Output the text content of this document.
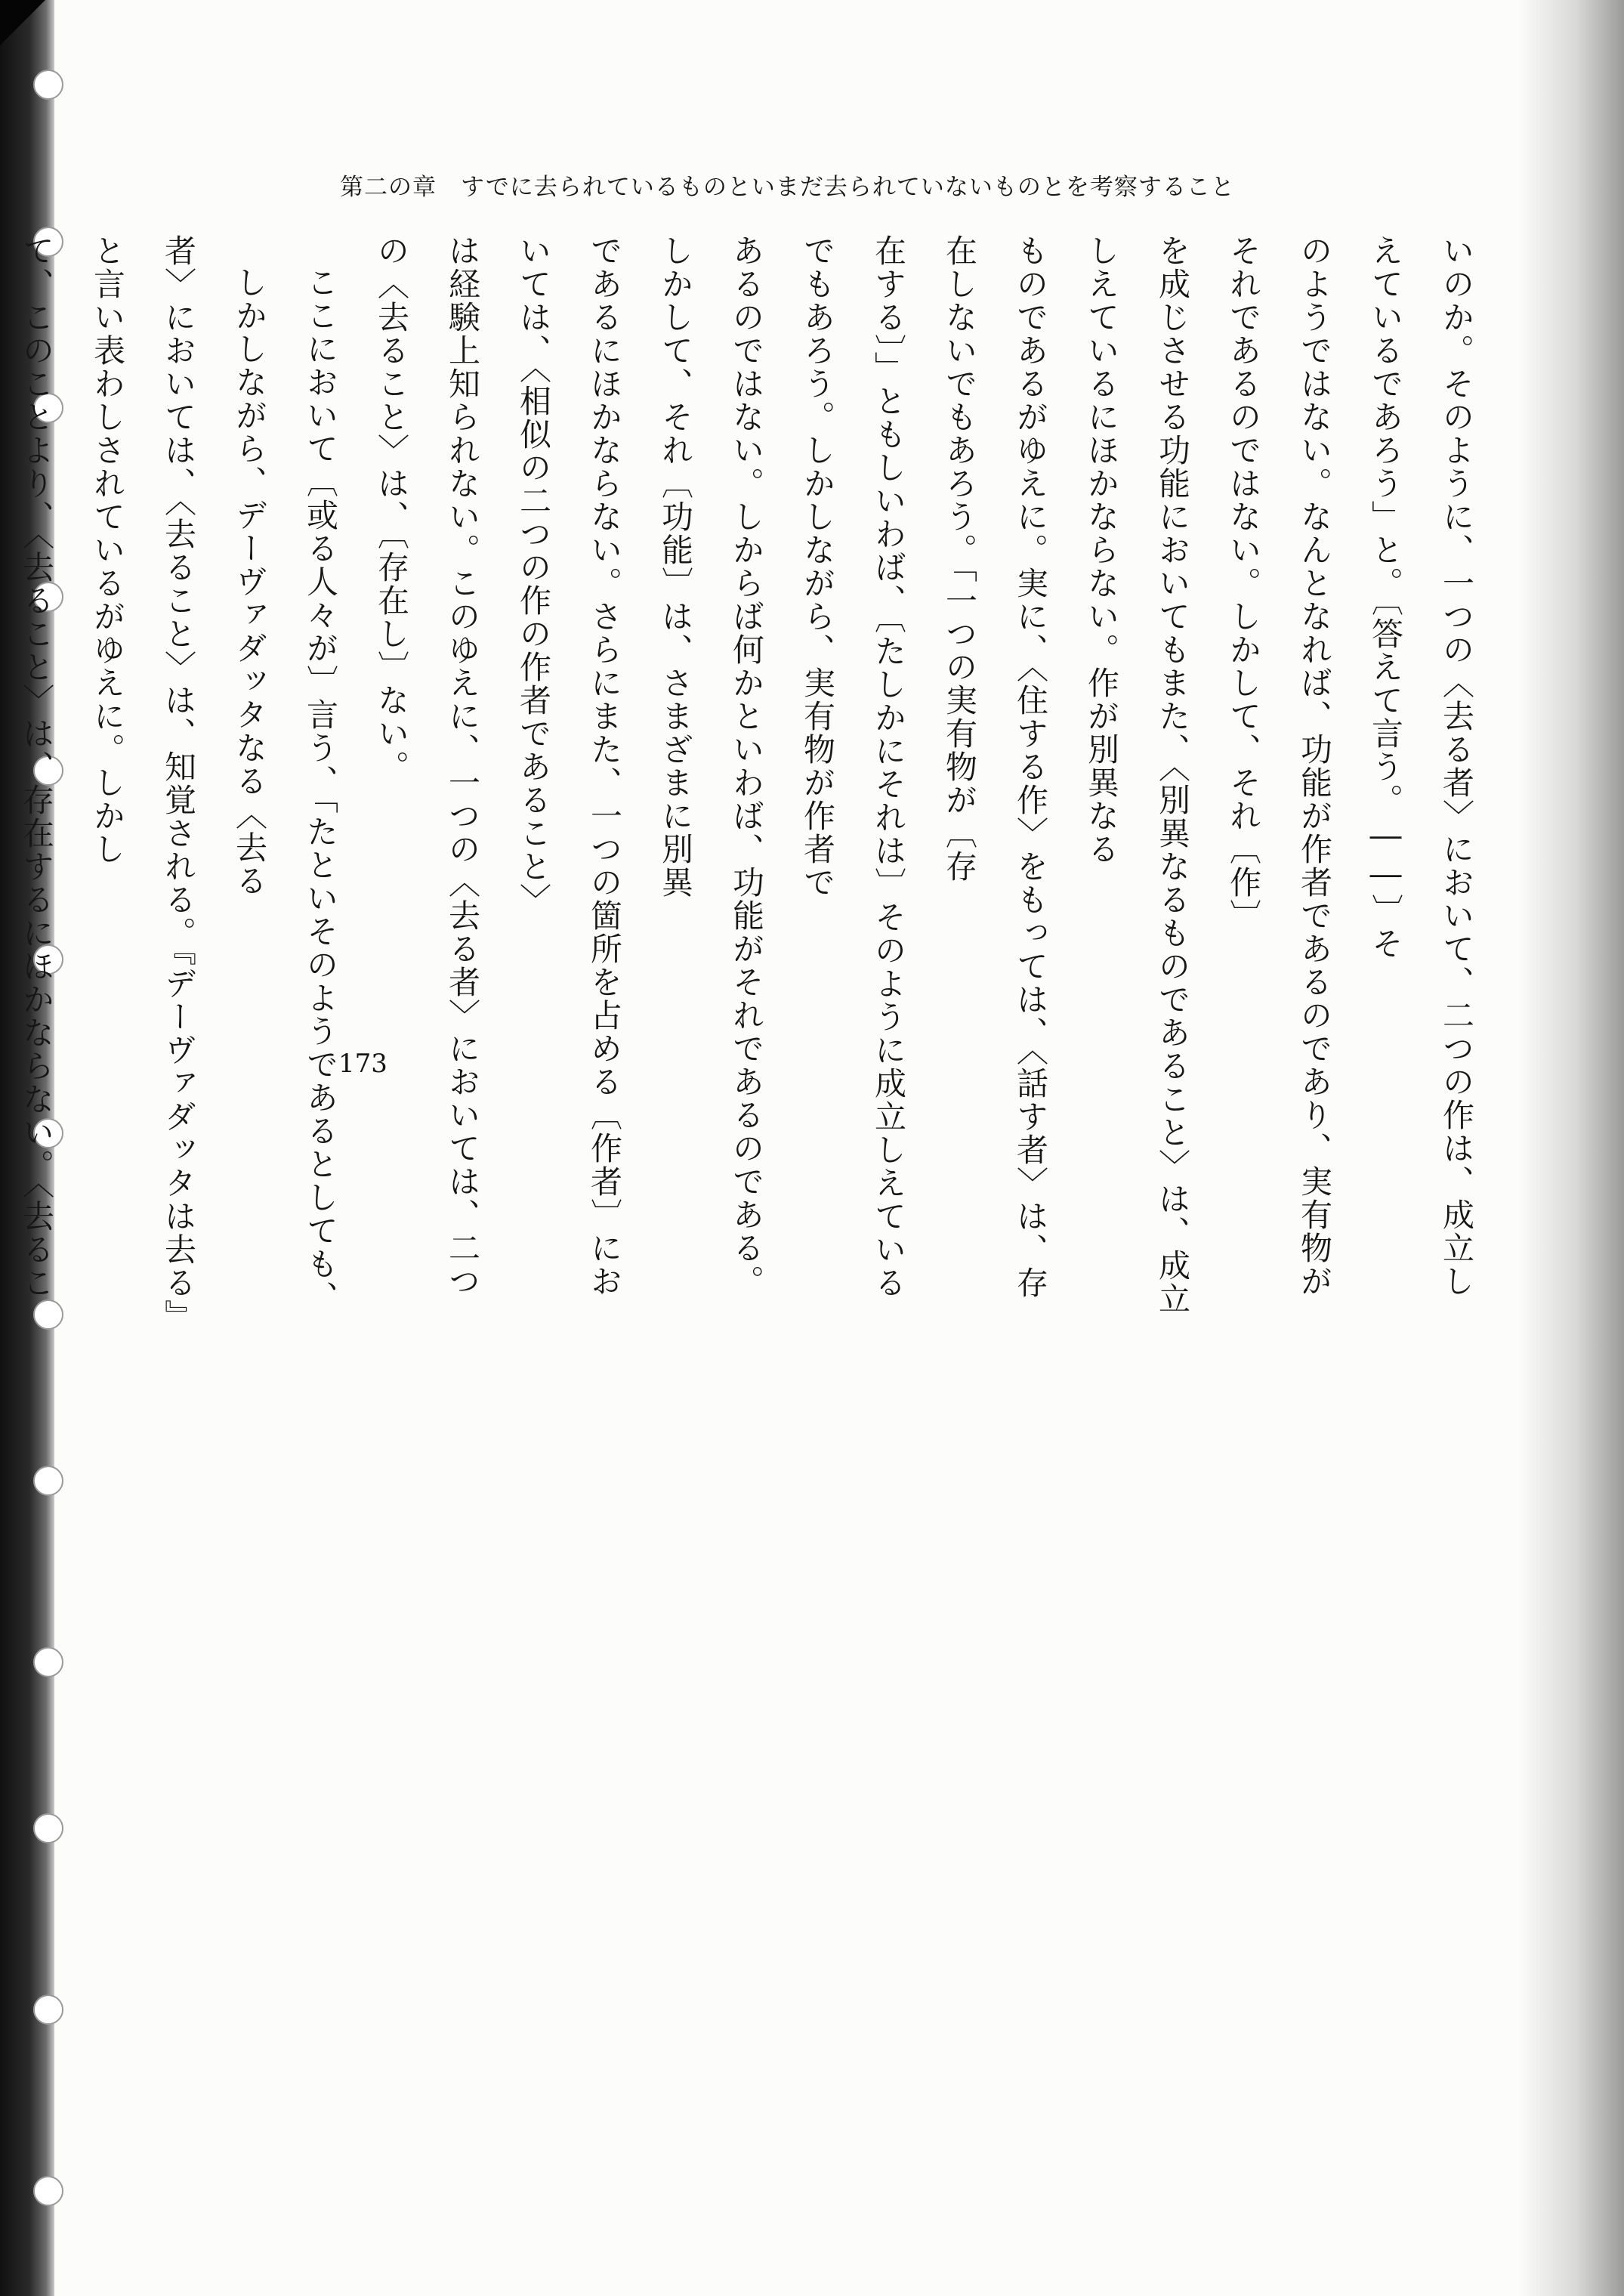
第二の章　すでに去られているものといまだ去られていないものとを考察すること

いのか。そのように、一つの〈去る者〉において、二つの作は、成立しえているであろう」と。〔答えて言う。――〕そ

のようではない。なんとなれば、功能が作者であるのであり、実有物がそれであるのではない。しかして、それ〔作〕

を成じさせる功能においてもまた、〈別異なるものであること〉は、成立しえているにほかならない。作が別異なる

ものであるがゆえに。実に、〈住する作〉をもっては、〈話す者〉は、存在しないでもあろう。「一つの実有物が〔存

在する〕」ともしいわば、〔たしかにそれは〕そのように成立しえているでもあろう。しかしながら、実有物が作者で

あるのではない。しからば何かといわば、功能がそれであるのである。しかして、それ〔功能〕は、さまざまに別異

であるにほかならない。さらにまた、一つの箇所を占める〔作者〕においては、〈相似の二つの作の作者であること〉

は経験上知られない。このゆえに、一つの〈去る者〉においては、二つの〈去ること〉は、〔存在し〕ない。

ここにおいて〔或る人々が〕言う、「たといそのようであるとしても、しかしながら、デーヴァダッタなる〈去る

者〉においては、〈去ること〉は、知覚される。『デーヴァダッタは去る』と言い表わしされているがゆえに。しかし

て、このことより、〈去ること〉は、存在するにほかならない。〈去るこ

173
